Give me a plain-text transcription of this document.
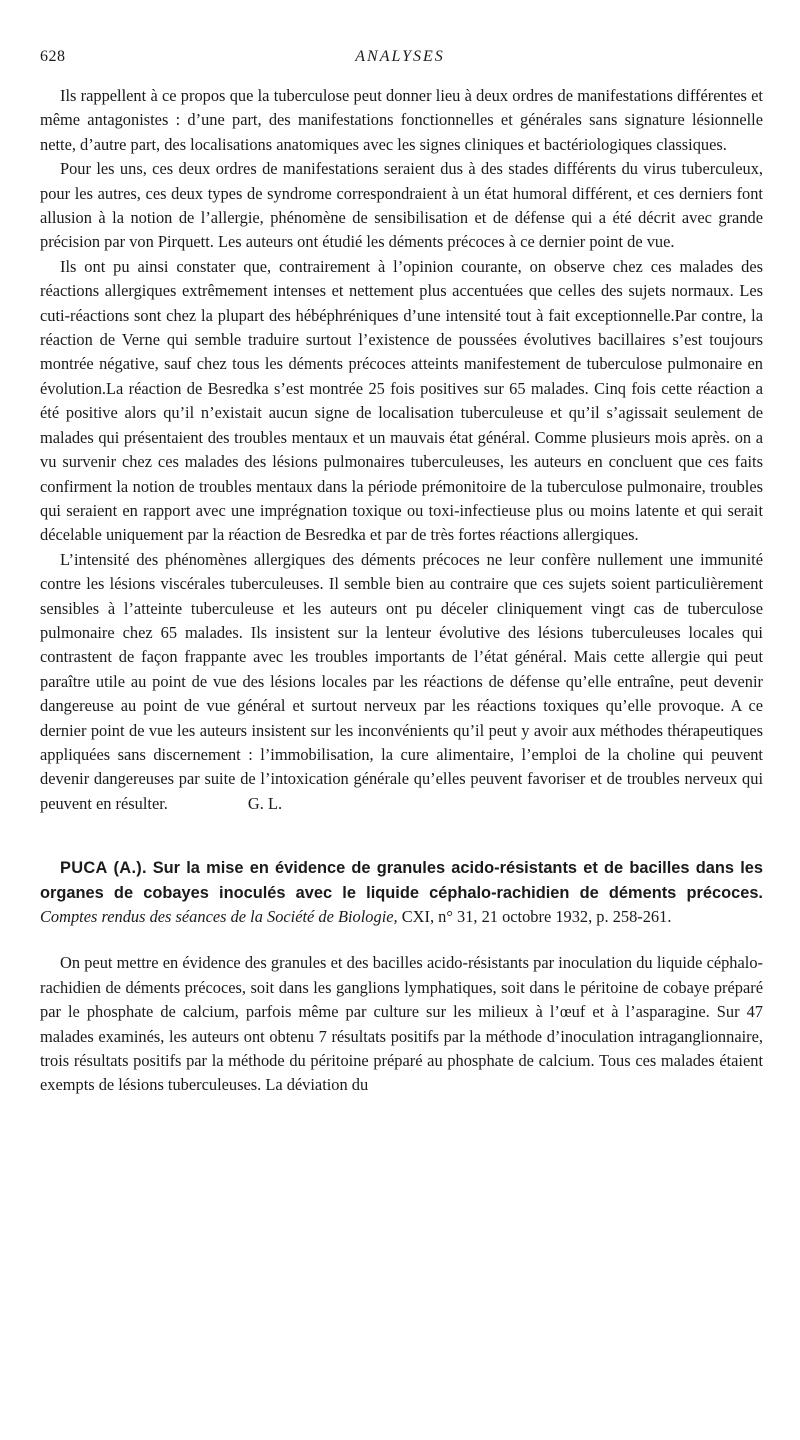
628	ANALYSES

Ils rappellent à ce propos que la tuberculose peut donner lieu à deux ordres de manifestations différentes et même antagonistes : d’une part, des manifestations fonctionnelles et générales sans signature lésionnelle nette, d’autre part, des localisations anatomiques avec les signes cliniques et bactériologiques classiques.

Pour les uns, ces deux ordres de manifestations seraient dus à des stades différents du virus tuberculeux, pour les autres, ces deux types de syndrome correspondraient à un état humoral différent, et ces derniers font allusion à la notion de l’allergie, phénomène de sensibilisation et de défense qui a été décrit avec grande précision par von Pirquett. Les auteurs ont étudié les déments précoces à ce dernier point de vue.

Ils ont pu ainsi constater que, contrairement à l’opinion courante, on observe chez ces malades des réactions allergiques extrêmement intenses et nettement plus accentuées que celles des sujets normaux. Les cuti-réactions sont chez la plupart des hébéphréniques d’une intensité tout à fait exceptionnelle.Par contre, la réaction de Verne qui semble traduire surtout l’existence de poussées évolutives bacillaires s’est toujours montrée négative, sauf chez tous les déments précoces atteints manifestement de tuberculose pulmonaire en évolution.La réaction de Besredka s’est montrée 25 fois positives sur 65 malades. Cinq fois cette réaction a été positive alors qu’il n’existait aucun signe de localisation tuberculeuse et qu’il s’agissait seulement de malades qui présentaient des troubles mentaux et un mauvais état général. Comme plusieurs mois après. on a vu survenir chez ces malades des lésions pulmonaires tuberculeuses, les auteurs en concluent que ces faits confirment la notion de troubles mentaux dans la période prémonitoire de la tuberculose pulmonaire, troubles qui seraient en rapport avec une imprégnation toxique ou toxi-infectieuse plus ou moins latente et qui serait décelable uniquement par la réaction de Besredka et par de très fortes réactions allergiques.

L’intensité des phénomènes allergiques des déments précoces ne leur confère nullement une immunité contre les lésions viscérales tuberculeuses. Il semble bien au contraire que ces sujets soient particulièrement sensibles à l’atteinte tuberculeuse et les auteurs ont pu déceler cliniquement vingt cas de tuberculose pulmonaire chez 65 malades. Ils insistent sur la lenteur évolutive des lésions tuberculeuses locales qui contrastent de façon frappante avec les troubles importants de l’état général. Mais cette allergie qui peut paraître utile au point de vue des lésions locales par les réactions de défense qu’elle entraîne, peut devenir dangereuse au point de vue général et surtout nerveux par les réactions toxiques qu’elle provoque. A ce dernier point de vue les auteurs insistent sur les inconvénients qu’il peut y avoir aux méthodes thérapeutiques appliquées sans discernement : l’immobilisation, la cure alimentaire, l’emploi de la choline qui peuvent devenir dangereuses par suite de l’intoxication générale qu’elles peuvent favoriser et de troubles nerveux qui peuvent en résulter.	G. L.

PUCA (A.). Sur la mise en évidence de granules acido-résistants et de bacilles dans les organes de cobayes inoculés avec le liquide céphalo-rachidien de déments précoces. Comptes rendus des séances de la Société de Biologie, CXI, n° 31, 21 octobre 1932, p. 258-261.

On peut mettre en évidence des granules et des bacilles acido-résistants par inoculation du liquide céphalo-rachidien de déments précoces, soit dans les ganglions lymphatiques, soit dans le péritoine de cobaye préparé par le phosphate de calcium, parfois même par culture sur les milieux à l’œuf et à l’asparagine. Sur 47 malades examinés, les auteurs ont obtenu 7 résultats positifs par la méthode d’inoculation intraganglionnaire, trois résultats positifs par la méthode du péritoine préparé au phosphate de calcium. Tous ces malades étaient exempts de lésions tuberculeuses. La déviation du
